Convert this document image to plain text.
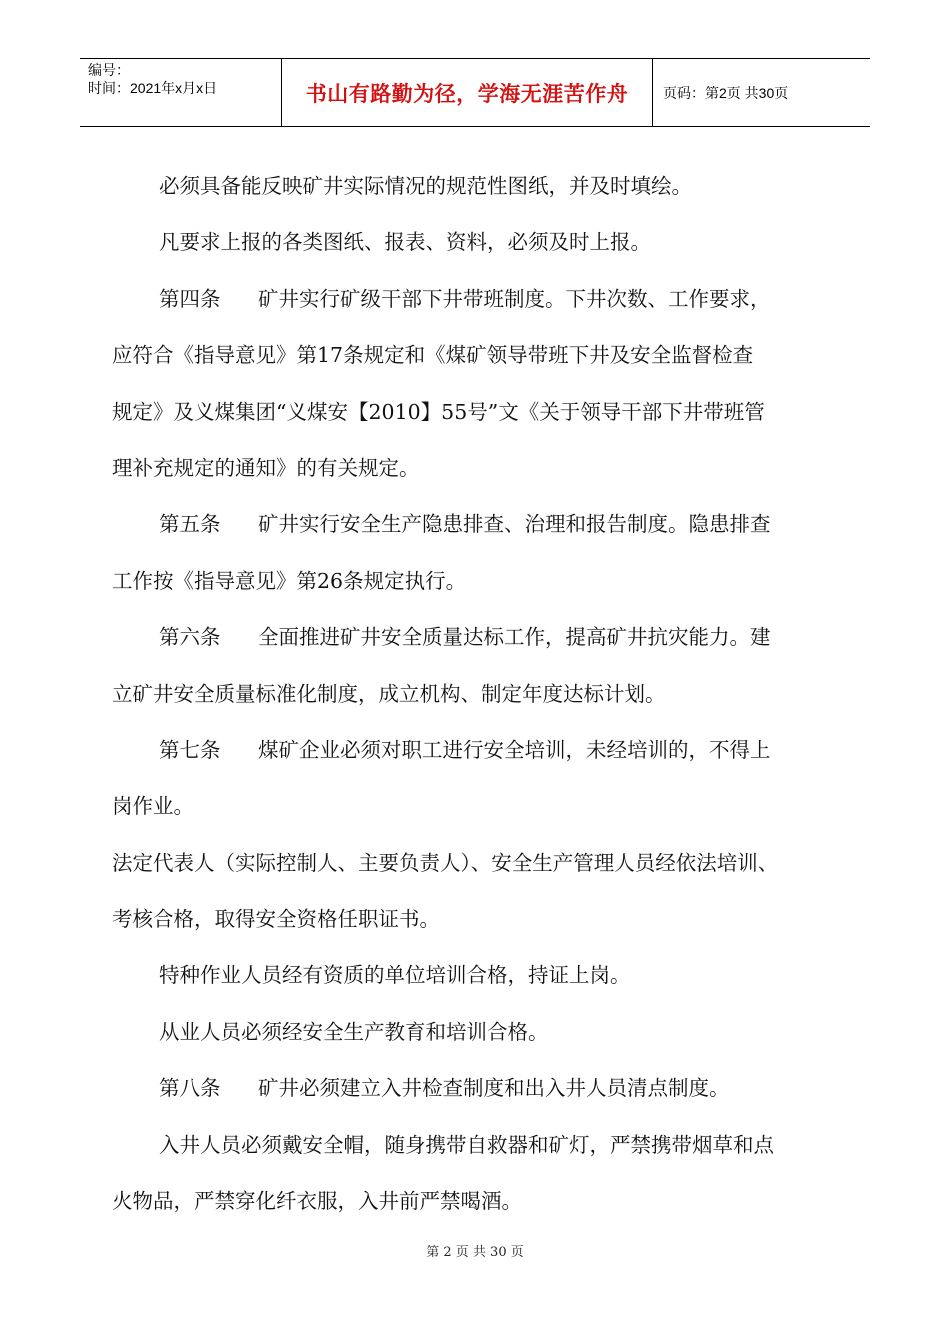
编号：
时间：2021年x月x日	书山有路勤为径，学海无涯苦作舟	页码：第2页 共30页
必须具备能反映矿井实际情况的规范性图纸，并及时填绘。
凡要求上报的各类图纸、报表、资料，必须及时上报。
第四条 矿井实行矿级干部下井带班制度。下井次数、工作要求，
应符合《指导意见》第17条规定和《煤矿领导带班下井及安全监督检查
规定》及义煤集团“义煤安【2010】55号”文《关于领导干部下井带班管
理补充规定的通知》的有关规定。
第五条 矿井实行安全生产隐患排查、治理和报告制度。隐患排查
工作按《指导意见》第26条规定执行。
第六条 全面推进矿井安全质量达标工作，提高矿井抗灾能力。建
立矿井安全质量标准化制度，成立机构、制定年度达标计划。
第七条 煤矿企业必须对职工进行安全培训，未经培训的，不得上
岗作业。
法定代表人（实际控制人、主要负责人）、安全生产管理人员经依法培训、
考核合格，取得安全资格任职证书。
特种作业人员经有资质的单位培训合格，持证上岗。
从业人员必须经安全生产教育和培训合格。
第八条 矿井必须建立入井检查制度和出入井人员清点制度。
入井人员必须戴安全帽，随身携带自救器和矿灯，严禁携带烟草和点
火物品，严禁穿化纤衣服，入井前严禁喝酒。
第 2 页 共 30 页
